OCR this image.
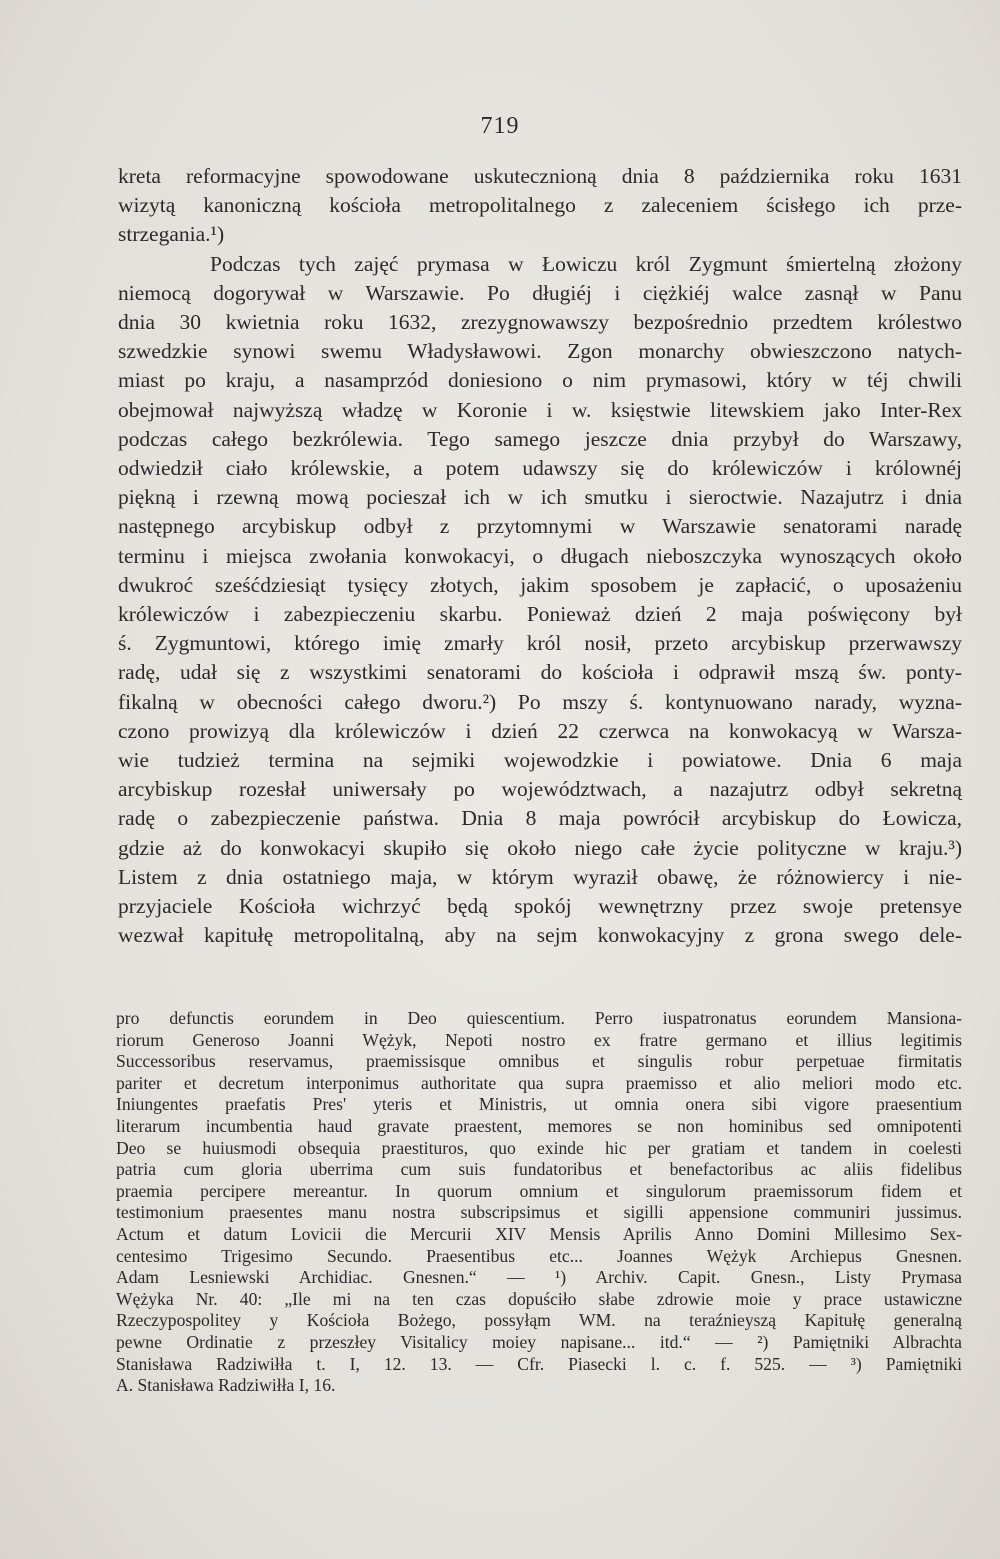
719

kreta reformacyjne spowodowane uskutecznioną dnia 8 października roku 1631
wizytą kanoniczną kościoła metropolitalnego z zaleceniem ścisłego ich prze-
strzegania.¹)

Podczas tych zajęć prymasa w Łowiczu król Zygmunt śmiertelną złożony
niemocą dogorywał w Warszawie. Po długiéj i ciężkiéj walce zasnął w Panu
dnia 30 kwietnia roku 1632, zrezygnowawszy bezpośrednio przedtem królestwo
szwedzkie synowi swemu Władysławowi. Zgon monarchy obwieszczono natych-
miast po kraju, a nasamprzód doniesiono o nim prymasowi, który w téj chwili
obejmował najwyższą władzę w Koronie i w. księstwie litewskiem jako Inter-Rex
podczas całego bezkrólewia. Tego samego jeszcze dnia przybył do Warszawy,
odwiedził ciało królewskie, a potem udawszy się do królewiczów i królownéj
piękną i rzewną mową pocieszał ich w ich smutku i sieroctwie. Nazajutrz i dnia
następnego arcybiskup odbył z przytomnymi w Warszawie senatorami naradę
terminu i miejsca zwołania konwokacyi, o długach nieboszczyka wynoszących około
dwukroć sześćdziesiąt tysięcy złotych, jakim sposobem je zapłacić, o uposażeniu
królewiczów i zabezpieczeniu skarbu. Ponieważ dzień 2 maja poświęcony był
ś. Zygmuntowi, którego imię zmarły król nosił, przeto arcybiskup przerwawszy
radę, udał się z wszystkimi senatorami do kościoła i odprawił mszą św. ponty-
fikalną w obecności całego dworu.²) Po mszy ś. kontynuowano narady, wyzna-
czono prowizyą dla królewiczów i dzień 22 czerwca na konwokacyą w Warsza-
wie tudzież termina na sejmiki wojewodzkie i powiatowe. Dnia 6 maja
arcybiskup rozesłał uniwersały po województwach, a nazajutrz odbył sekretną
radę o zabezpieczenie państwa. Dnia 8 maja powrócił arcybiskup do Łowicza,
gdzie aż do konwokacyi skupiło się około niego całe życie polityczne w kraju.³)
Listem z dnia ostatniego maja, w którym wyraził obawę, że różnowiercy i nie-
przyjaciele Kościoła wichrzyć będą spokój wewnętrzny przez swoje pretensye
wezwał kapitułę metropolitalną, aby na sejm konwokacyjny z grona swego dele-

pro defunctis eorundem in Deo quiescentium. Perro iuspatronatus eorundem Mansiona-
riorum Generoso Joanni Wężyk, Nepoti nostro ex fratre germano et illius legitimis
Successoribus reservamus, praemissisque omnibus et singulis robur perpetuae firmitatis
pariter et decretum interponimus authoritate qua supra praemisso et alio meliori modo etc.
Iniungentes praefatis Pres' yteris et Ministris, ut omnia onera sibi vigore praesentium
literarum incumbentia haud gravate praestent, memores se non hominibus sed omnipotenti
Deo se huiusmodi obsequia praestituros, quo exinde hic per gratiam et tandem in coelesti
patria cum gloria uberrima cum suis fundatoribus et benefactoribus ac aliis fidelibus
praemia percipere mereantur. In quorum omnium et singulorum praemissorum fidem et
testimonium praesentes manu nostra subscripsimus et sigilli appensione communiri jussimus.
Actum et datum Lovicii die Mercurii XIV Mensis Aprilis Anno Domini Millesimo Sex-
centesimo Trigesimo Secundo. Praesentibus etc... Joannes Wężyk Archiepus Gnesnen.
Adam Lesniewski Archidiac. Gnesnen.“ — ¹) Archiv. Capit. Gnesn., Listy Prymasa
Wężyka Nr. 40: „Ile mi na ten czas dopuściło słabe zdrowie moie y prace ustawiczne
Rzeczypospolitey y Kościoła Bożego, possyłąm WM. na teraźnieyszą Kapitułę generalną
pewne Ordinatie z przeszłey Visitalicy moiey napisane... itd.“ — ²) Pamiętniki Albrachta
Stanisława Radziwiłła t. I, 12. 13. — Cfr. Piasecki l. c. f. 525. — ³) Pamiętniki
A. Stanisława Radziwiłła I, 16.
